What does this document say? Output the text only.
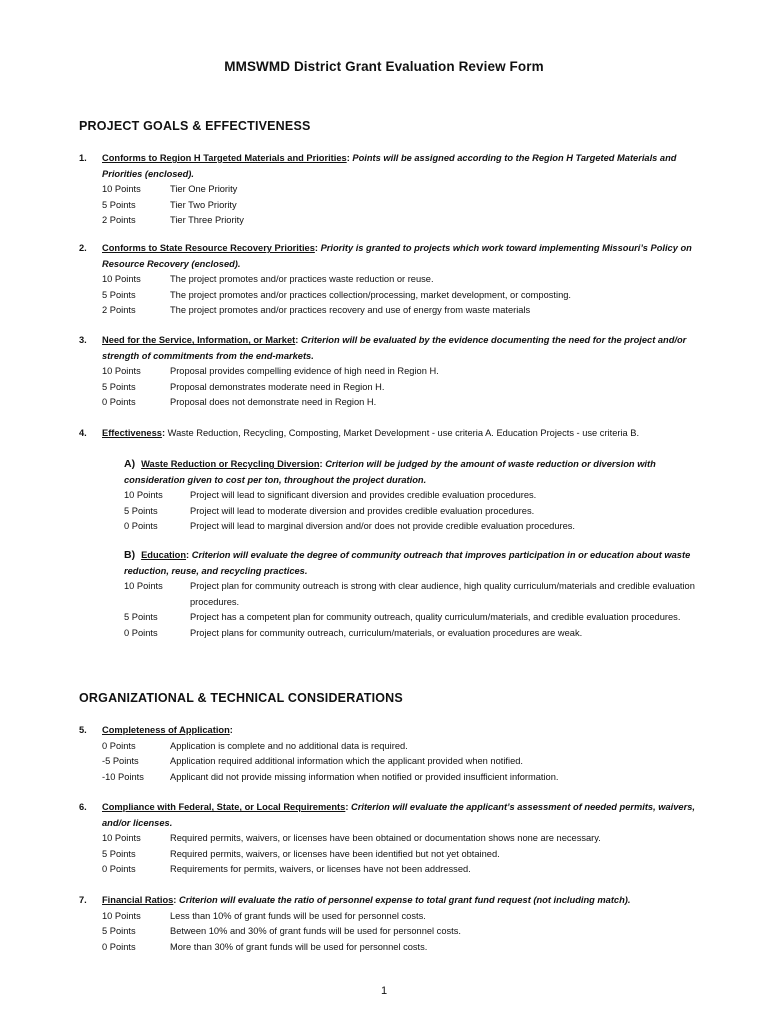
MMSWMD District Grant Evaluation Review Form
PROJECT GOALS & EFFECTIVENESS
1. Conforms to Region H Targeted Materials and Priorities: Points will be assigned according to the Region H Targeted Materials and Priorities (enclosed).
10 Points	Tier One Priority
5 Points	Tier Two Priority
2 Points	Tier Three Priority
2. Conforms to State Resource Recovery Priorities: Priority is granted to projects which work toward implementing Missouri’s Policy on Resource Recovery (enclosed).
10 Points	The project promotes and/or practices waste reduction or reuse.
5 Points	The project promotes and/or practices collection/processing, market development, or composting.
2 Points	The project promotes and/or practices recovery and use of energy from waste materials
3. Need for the Service, Information, or Market: Criterion will be evaluated by the evidence documenting the need for the project and/or strength of commitments from the end-markets.
10 Points	Proposal provides compelling evidence of high need in Region H.
5 Points	Proposal demonstrates moderate need in Region H.
0 Points	Proposal does not demonstrate need in Region H.
4. Effectiveness: Waste Reduction, Recycling, Composting, Market Development - use criteria A. Education Projects - use criteria B.
A) Waste Reduction or Recycling Diversion: Criterion will be judged by the amount of waste reduction or diversion with consideration given to cost per ton, throughout the project duration.
10 Points	Project will lead to significant diversion and provides credible evaluation procedures.
5 Points	Project will lead to moderate diversion and provides credible evaluation procedures.
0 Points	Project will lead to marginal diversion and/or does not provide credible evaluation procedures.
B) Education: Criterion will evaluate the degree of community outreach that improves participation in or education about waste reduction, reuse, and recycling practices.
10 Points	Project plan for community outreach is strong with clear audience, high quality curriculum/materials and credible evaluation procedures.
5 Points	Project has a competent plan for community outreach, quality curriculum/materials, and credible evaluation procedures.
0 Points	Project plans for community outreach, curriculum/materials, or evaluation procedures are weak.
ORGANIZATIONAL & TECHNICAL CONSIDERATIONS
5. Completeness of Application:
0 Points	Application is complete and no additional data is required.
-5 Points	Application required additional information which the applicant provided when notified.
-10 Points	Applicant did not provide missing information when notified or provided insufficient information.
6. Compliance with Federal, State, or Local Requirements: Criterion will evaluate the applicant’s assessment of needed permits, waivers, and/or licenses.
10 Points	Required permits, waivers, or licenses have been obtained or documentation shows none are necessary.
5 Points	Required permits, waivers, or licenses have been identified but not yet obtained.
0 Points	Requirements for permits, waivers, or licenses have not been addressed.
7. Financial Ratios: Criterion will evaluate the ratio of personnel expense to total grant fund request (not including match).
10 Points	Less than 10% of grant funds will be used for personnel costs.
5 Points	Between 10% and 30% of grant funds will be used for personnel costs.
0 Points	More than 30% of grant funds will be used for personnel costs.
1
